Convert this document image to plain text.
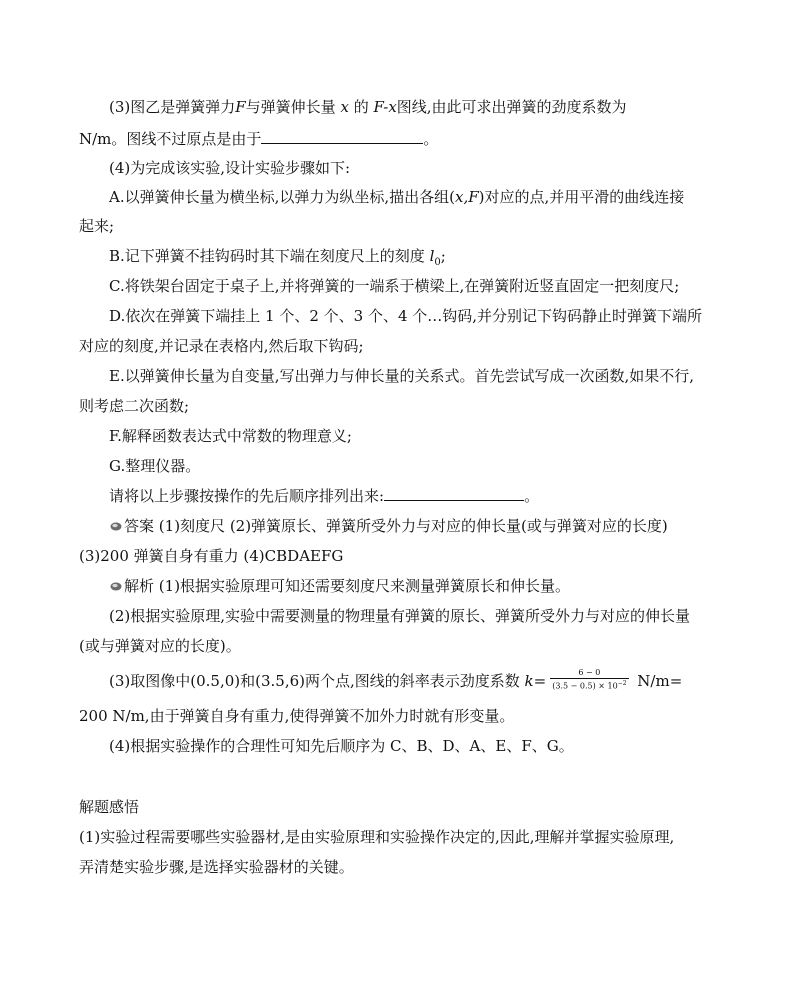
(3)图乙是弹簧弹力F与弹簧伸长量 x 的 F-x图线,由此可求出弹簧的劲度系数为
N/m。图线不过原点是由于	。
(4)为完成该实验,设计实验步骤如下:
A.以弹簧伸长量为横坐标,以弹力为纵坐标,描出各组(x,F)对应的点,并用平滑的曲线连接
起来;
B.记下弹簧不挂钩码时其下端在刻度尺上的刻度 $l_0$;
C.将铁架台固定于桌子上,并将弹簧的一端系于横梁上,在弹簧附近竖直固定一把刻度尺;
D.依次在弹簧下端挂上 1 个、2 个、3 个、4 个…钩码,并分别记下钩码静止时弹簧下端所
对应的刻度,并记录在表格内,然后取下钩码;
E.以弹簧伸长量为自变量,写出弹力与伸长量的关系式。首先尝试写成一次函数,如果不行,
则考虑二次函数;
F.解释函数表达式中常数的物理意义;
G.整理仪器。
请将以上步骤按操作的先后顺序排列出来:	。
答案 (1)刻度尺 (2)弹簧原长、弹簧所受外力与对应的伸长量(或与弹簧对应的长度)
(3)200 弹簧自身有重力 (4)CBDAEFG
解析 (1)根据实验原理可知还需要刻度尺来测量弹簧原长和伸长量。
(2)根据实验原理,实验中需要测量的物理量有弹簧的原长、弹簧所受外力与对应的伸长量
(或与弹簧对应的长度)。
(3)取图像中(0.5,0)和(3.5,6)两个点,图线的斜率表示劲度系数 $k= \frac{6 - 0}{(3.5 - 0.5) \times 10^{-2}} N/m=$
200 N/m,由于弹簧自身有重力,使得弹簧不加外力时就有形变量。
(4)根据实验操作的合理性可知先后顺序为 C、B、D、A、E、F、G。
解题感悟
(1)实验过程需要哪些实验器材,是由实验原理和实验操作决定的,因此,理解并掌握实验原理,
弄清楚实验步骤,是选择实验器材的关键。
